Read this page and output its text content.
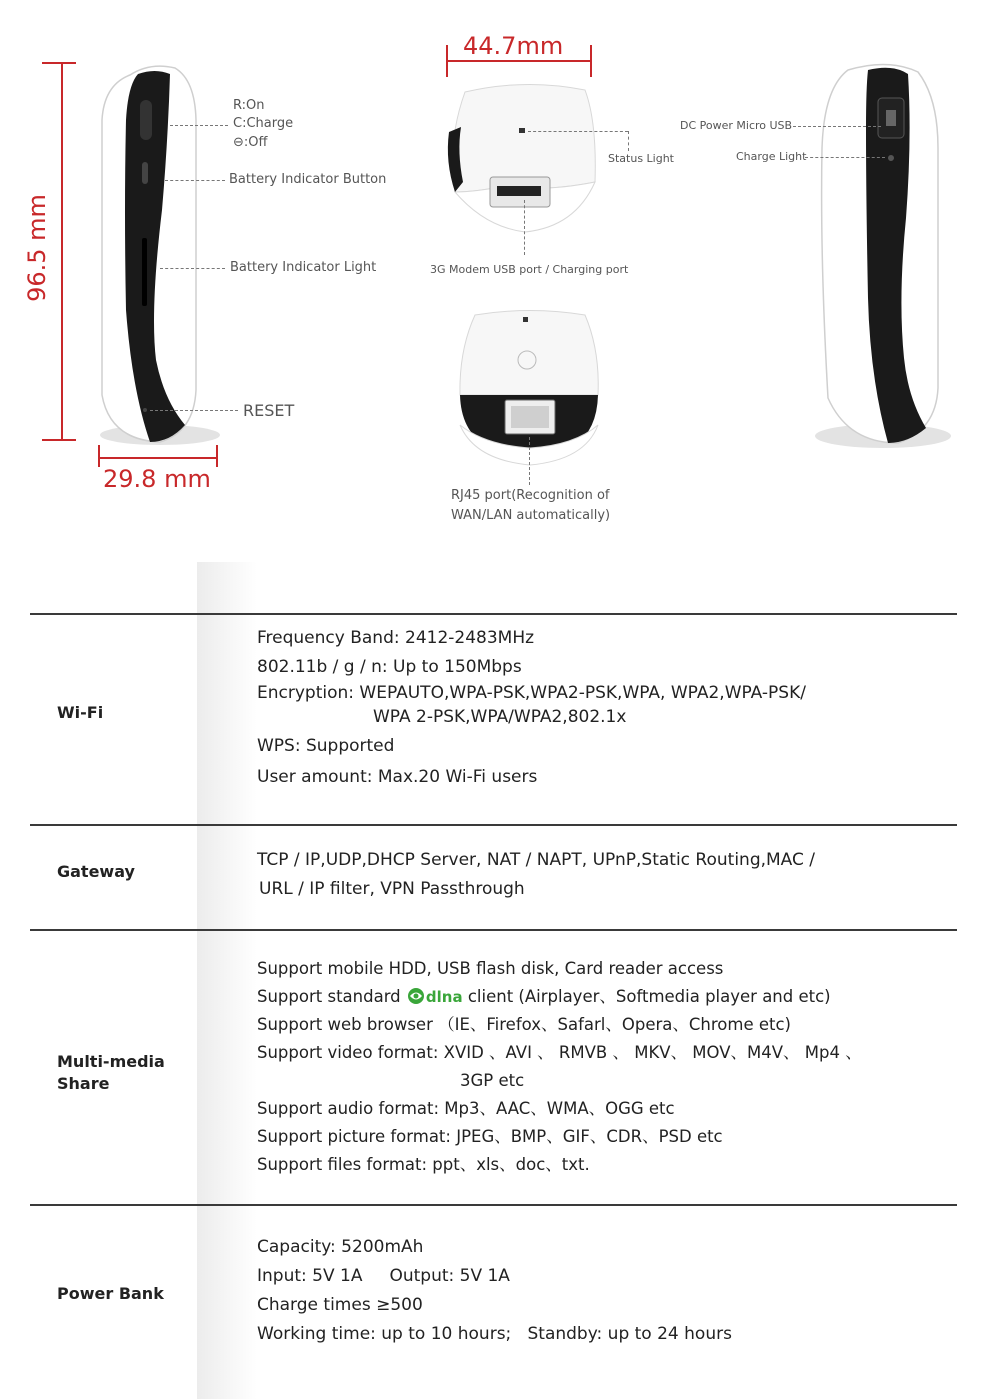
96.5 mm
29.8 mm
44.7mm
R:On
C:Charge
⊖:Off
Battery Indicator Button
Battery Indicator Light
RESET
Status Light
3G Modem USB port / Charging port
RJ45 port(Recognition of
WAN/LAN automatically)
DC Power Micro USB
Charge Light
Wi-Fi
Frequency Band: 2412-2483MHz
802.11b / g / n: Up to 150Mbps
Encryption: WEPAUTO,WPA-PSK,WPA2-PSK,WPA, WPA2,WPA-PSK/
WPA 2-PSK,WPA/WPA2,802.1x
WPS: Supported
User amount: Max.20 Wi-Fi users
Gateway
TCP / IP,UDP,DHCP Server, NAT / NAPT, UPnP,Static Routing,MAC /
URL / IP filter, VPN Passthrough
Multi-media
Share
Support mobile HDD, USB flash disk, Card reader access
Support standard dlna client (Airplayer、Softmedia player and etc)
Support web browser （IE、Firefox、Safarl、Opera、Chrome etc)
Support video format: XVID 、AVI 、 RMVB 、 MKV、 MOV、M4V、 Mp4 、
3GP etc
Support audio format: Mp3、AAC、WMA、OGG etc
Support picture format: JPEG、BMP、GIF、CDR、PSD etc
Support files format: ppt、xls、doc、txt.
Power Bank
Capacity: 5200mAh
Input: 5V 1A     Output: 5V 1A
Charge times ≥500
Working time: up to 10 hours;   Standby: up to 24 hours
